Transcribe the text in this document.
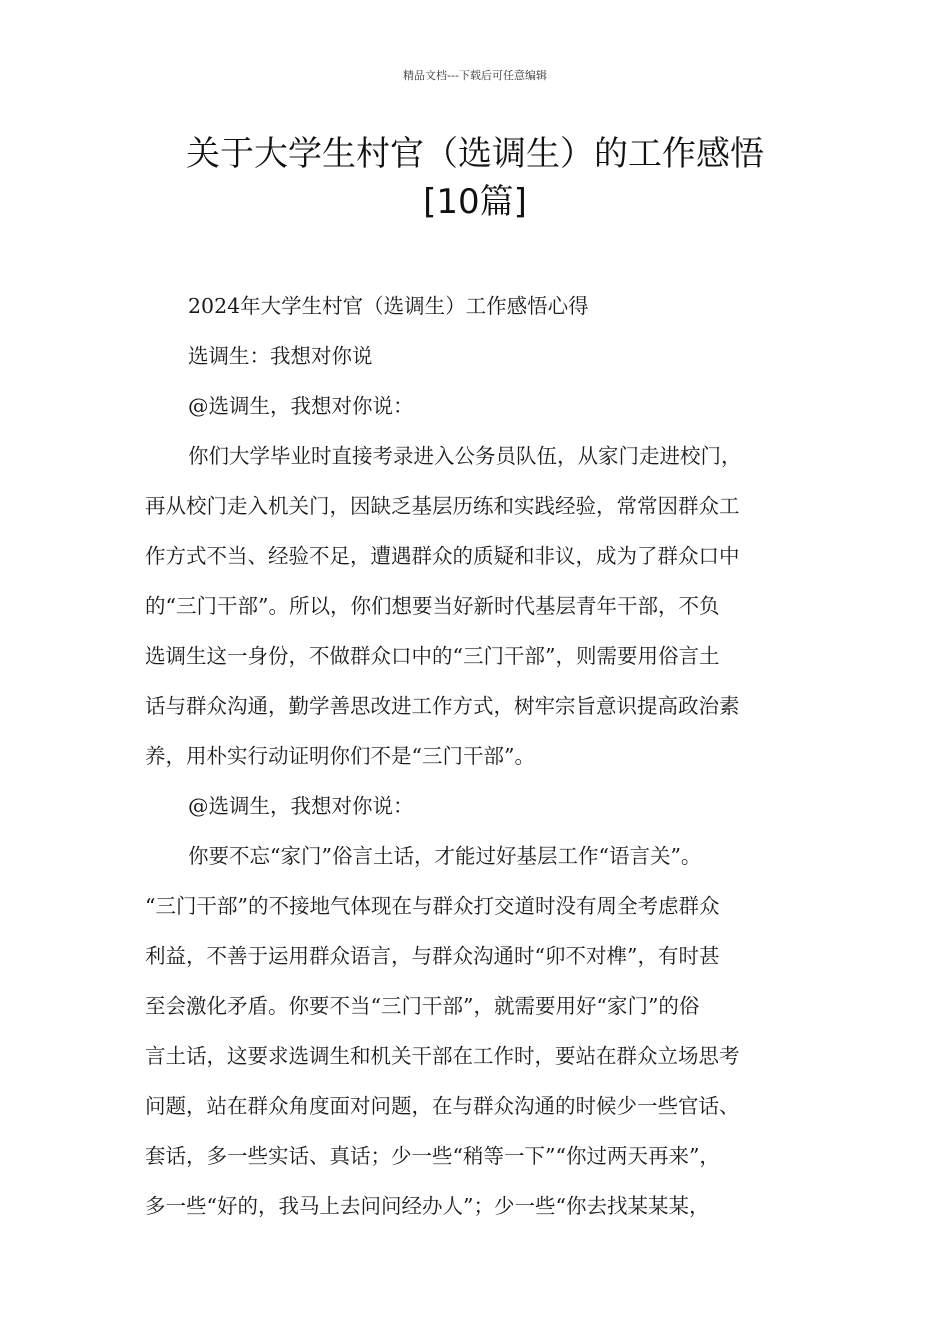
精品文档---下载后可任意编辑
关于大学生村官（选调生）的工作感悟
[10篇]

2024年大学生村官（选调生）工作感悟心得

选调生：我想对你说

@选调生，我想对你说：

你们大学毕业时直接考录进入公务员队伍，从家门走进校门，
再从校门走入机关门，因缺乏基层历练和实践经验，常常因群众工
作方式不当、经验不足，遭遇群众的质疑和非议，成为了群众口中
的“三门干部”。所以，你们想要当好新时代基层青年干部，不负
选调生这一身份，不做群众口中的“三门干部”，则需要用俗言土
话与群众沟通，勤学善思改进工作方式，树牢宗旨意识提高政治素
养，用朴实行动证明你们不是“三门干部”。

@选调生，我想对你说：

你要不忘“家门”俗言土话，才能过好基层工作“语言关”。
“三门干部”的不接地气体现在与群众打交道时没有周全考虑群众
利益，不善于运用群众语言，与群众沟通时“卯不对榫”，有时甚
至会激化矛盾。你要不当“三门干部”，就需要用好“家门”的俗
言土话，这要求选调生和机关干部在工作时，要站在群众立场思考
问题，站在群众角度面对问题，在与群众沟通的时候少一些官话、
套话，多一些实话、真话；少一些“稍等一下”“你过两天再来”，
多一些“好的，我马上去问问经办人”；少一些“你去找某某某，
